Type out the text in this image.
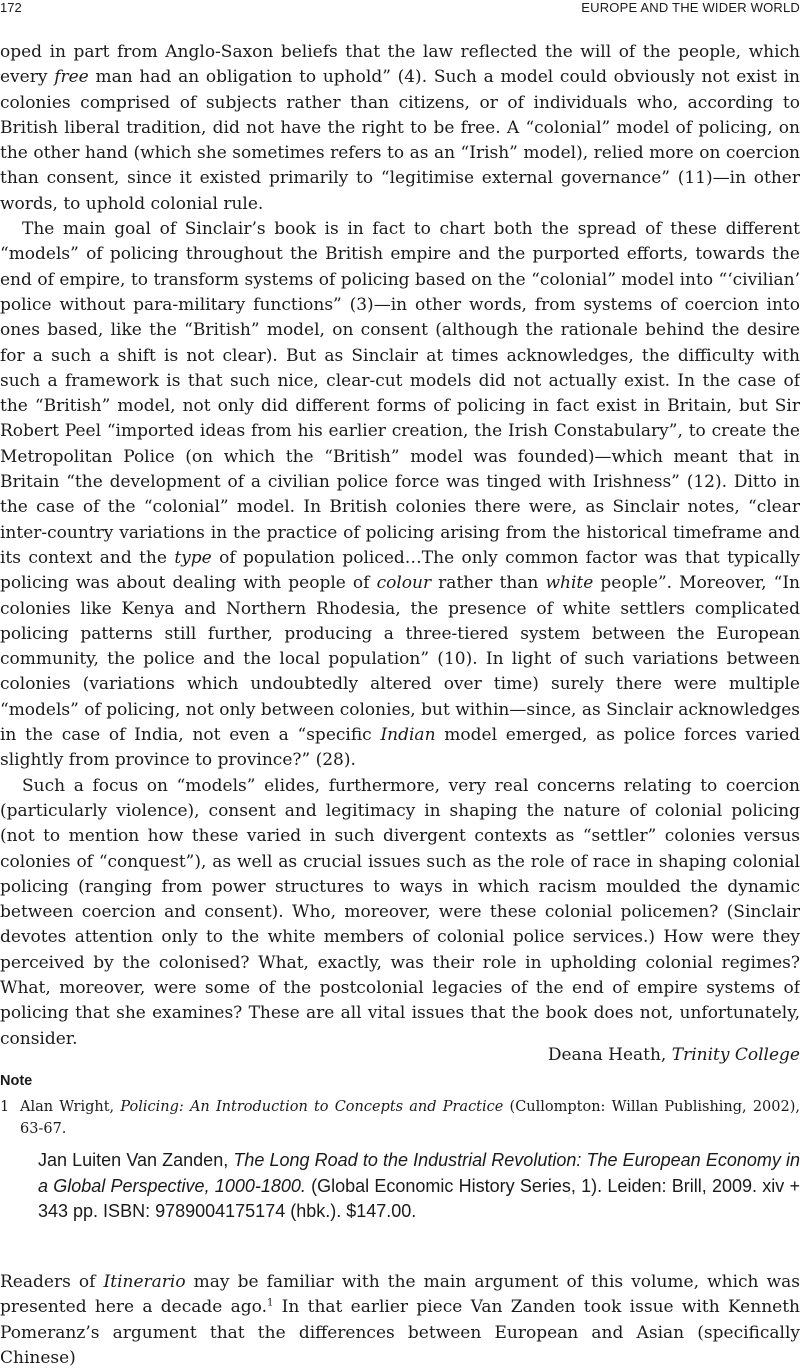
172	EUROPE AND THE WIDER WORLD

oped in part from Anglo-Saxon beliefs that the law reflected the will of the people, which every free man had an obligation to uphold” (4). Such a model could obviously not exist in colonies comprised of subjects rather than citizens, or of individuals who, according to British liberal tradition, did not have the right to be free. A “colonial” model of policing, on the other hand (which she sometimes refers to as an “Irish” model), relied more on coercion than consent, since it existed primarily to “legitimise external governance” (11)—in other words, to uphold colonial rule.

The main goal of Sinclair’s book is in fact to chart both the spread of these different “models” of policing throughout the British empire and the purported efforts, towards the end of empire, to transform systems of policing based on the “colonial” model into “‘civilian’ police without para-military functions” (3)—in other words, from systems of coercion into ones based, like the “British” model, on consent (although the rationale behind the desire for a such a shift is not clear). But as Sinclair at times acknowledges, the difficulty with such a framework is that such nice, clear-cut models did not actually exist. In the case of the “British” model, not only did different forms of policing in fact exist in Britain, but Sir Robert Peel “imported ideas from his earlier creation, the Irish Constabulary”, to create the Metropolitan Police (on which the “British” model was founded)—which meant that in Britain “the development of a civilian police force was tinged with Irishness” (12). Ditto in the case of the “colonial” model. In British colonies there were, as Sinclair notes, “clear inter-country variations in the practice of policing arising from the historical timeframe and its context and the type of population policed…The only common factor was that typically policing was about dealing with people of colour rather than white people”. Moreover, “In colonies like Kenya and Northern Rhodesia, the presence of white settlers complicated policing patterns still further, producing a three-tiered system between the European community, the police and the local population” (10). In light of such variations between colonies (variations which undoubtedly altered over time) surely there were multiple “models” of policing, not only between colonies, but within—since, as Sinclair acknowledges in the case of India, not even a “specific Indian model emerged, as police forces varied slightly from province to province?” (28).

Such a focus on “models” elides, furthermore, very real concerns relating to coercion (particularly violence), consent and legitimacy in shaping the nature of colonial policing (not to mention how these varied in such divergent contexts as “settler” colonies versus colonies of “conquest”), as well as crucial issues such as the role of race in shaping colonial policing (ranging from power structures to ways in which racism moulded the dynamic between coercion and consent). Who, moreover, were these colonial policemen? (Sinclair devotes attention only to the white members of colonial police services.) How were they perceived by the colonised? What, exactly, was their role in upholding colonial regimes? What, moreover, were some of the postcolonial legacies of the end of empire systems of policing that she examines? These are all vital issues that the book does not, unfortunately, consider.

Deana Heath, Trinity College
Note
1 Alan Wright, Policing: An Introduction to Concepts and Practice (Cullompton: Willan Publishing, 2002), 63-67.
Jan Luiten Van Zanden, The Long Road to the Industrial Revolution: The European Economy in a Global Perspective, 1000-1800. (Global Economic History Series, 1). Leiden: Brill, 2009. xiv + 343 pp. ISBN: 9789004175174 (hbk.). $147.00.

Readers of Itinerario may be familiar with the main argument of this volume, which was presented here a decade ago.$^1$ In that earlier piece Van Zanden took issue with Kenneth Pomeranz’s argument that the differences between European and Asian (specifically Chinese)
